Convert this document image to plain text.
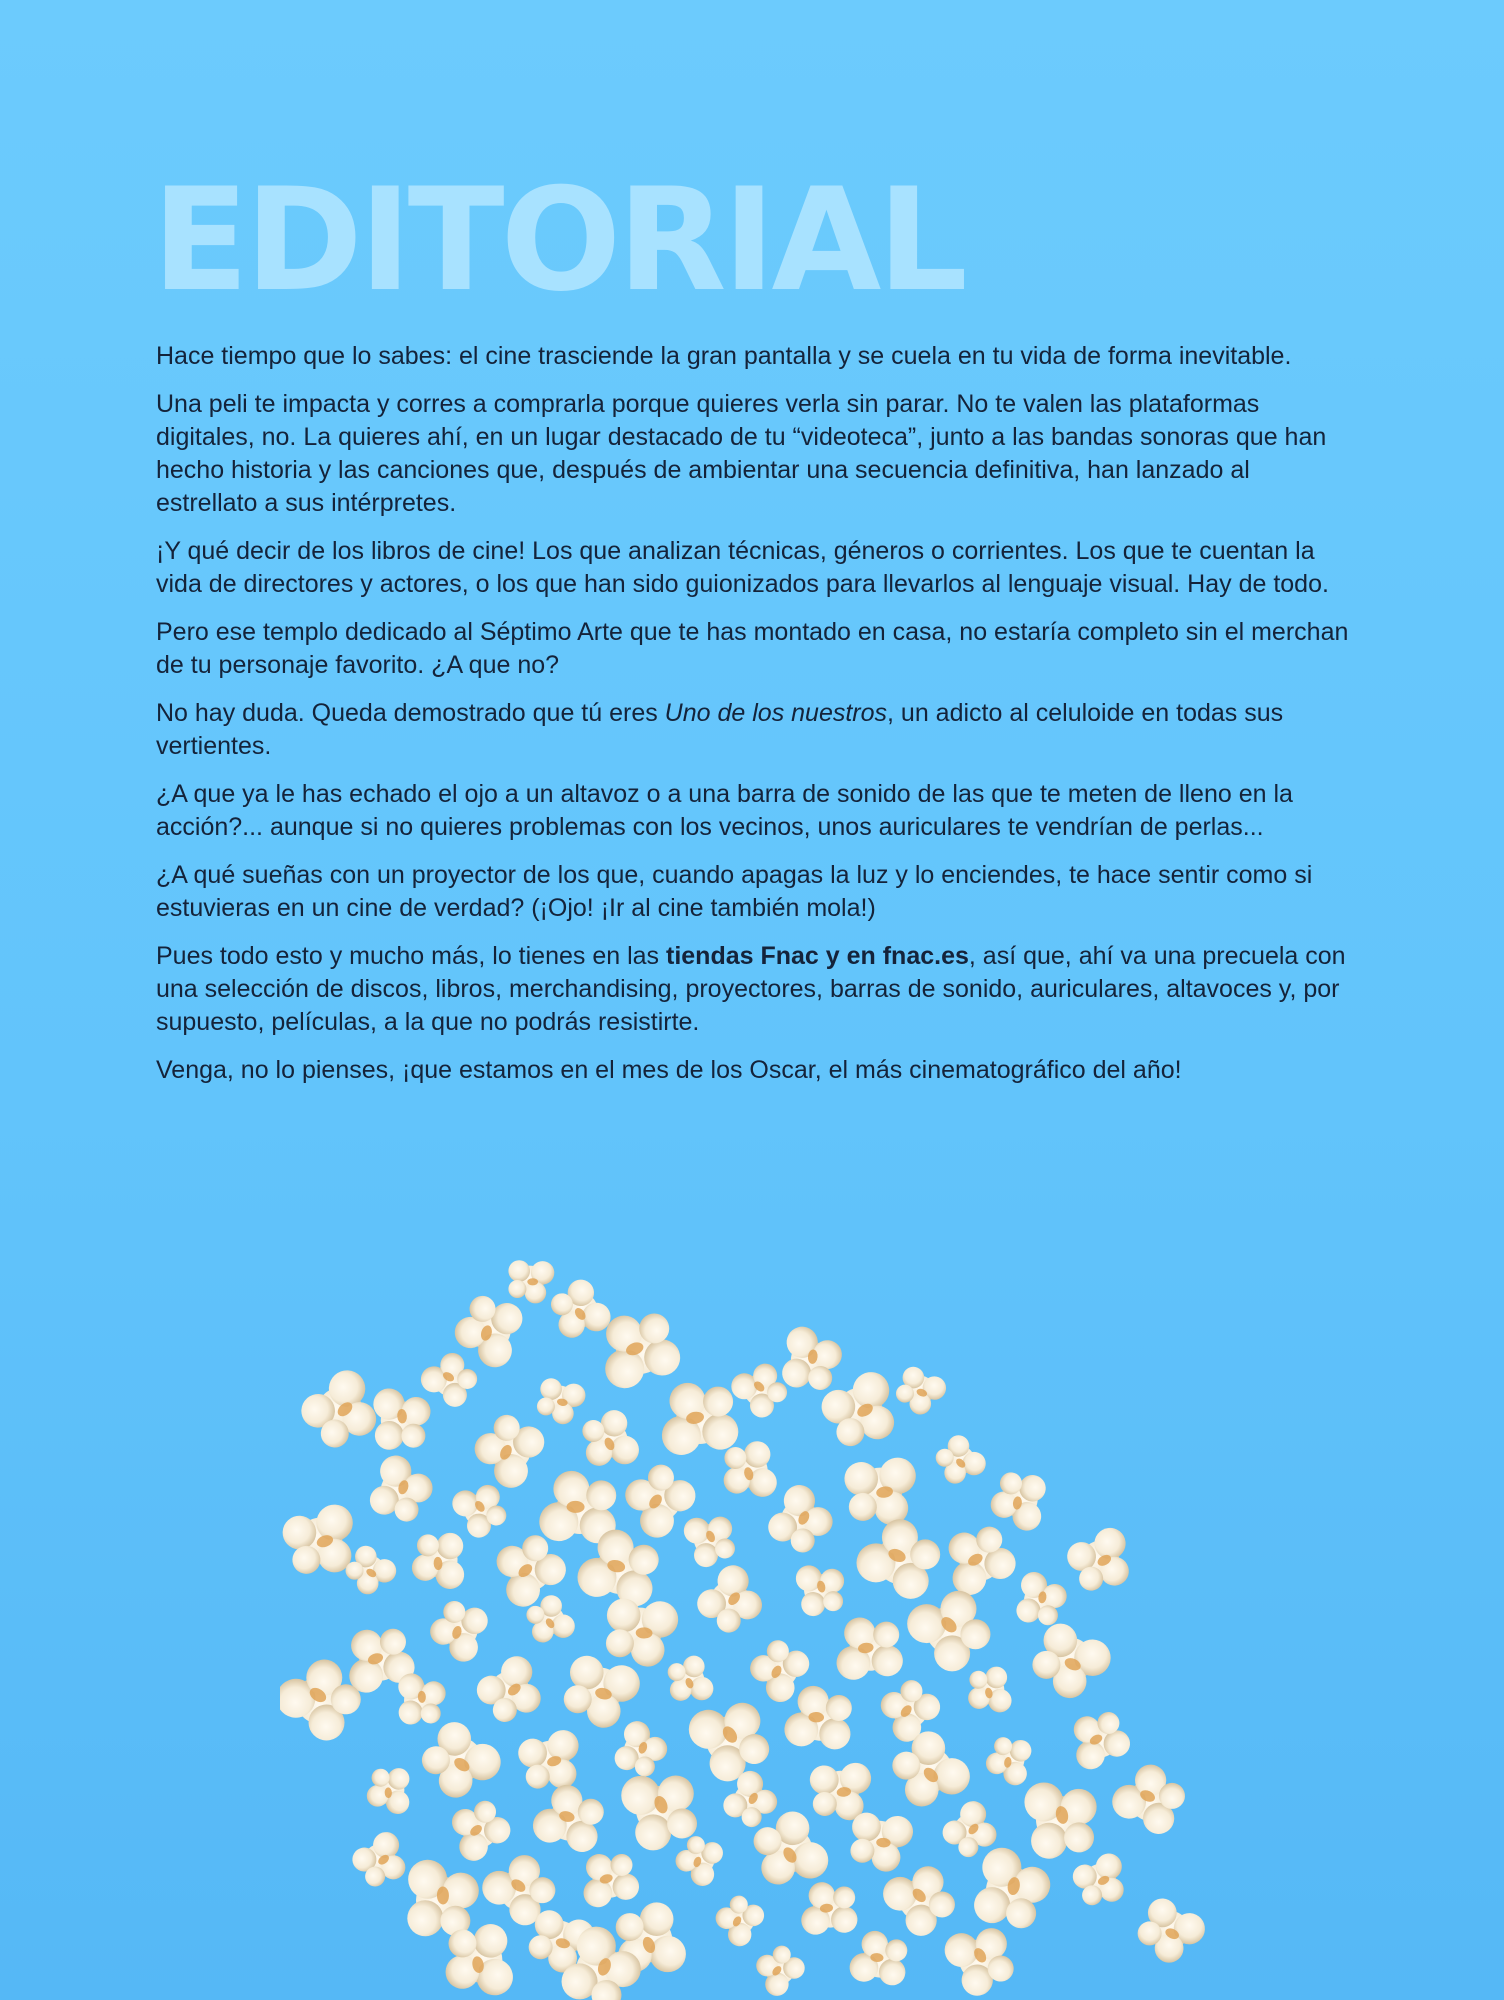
EDITORIAL

Hace tiempo que lo sabes: el cine trasciende la gran pantalla y se cuela en tu vida de forma inevitable.

Una peli te impacta y corres a comprarla porque quieres verla sin parar. No te valen las plataformas digitales, no. La quieres ahí, en un lugar destacado de tu “videoteca”, junto a las bandas sonoras que han hecho historia y las canciones que, después de ambientar una secuencia definitiva, han lanzado al estrellato a sus intérpretes.

¡Y qué decir de los libros de cine! Los que analizan técnicas, géneros o corrientes. Los que te cuentan la vida de directores y actores, o los que han sido guionizados para llevarlos al lenguaje visual. Hay de todo.

Pero ese templo dedicado al Séptimo Arte que te has montado en casa, no estaría completo sin el merchan de tu personaje favorito. ¿A que no?

No hay duda. Queda demostrado que tú eres Uno de los nuestros, un adicto al celuloide en todas sus vertientes.

¿A que ya le has echado el ojo a un altavoz o a una barra de sonido de las que te meten de lleno en la acción?... aunque si no quieres problemas con los vecinos, unos auriculares te vendrían de perlas...

¿A qué sueñas con un proyector de los que, cuando apagas la luz y lo enciendes, te hace sentir como si estuvieras en un cine de verdad? (¡Ojo! ¡Ir al cine también mola!)

Pues todo esto y mucho más, lo tienes en las tiendas Fnac y en fnac.es, así que, ahí va una precuela con una selección de discos, libros, merchandising, proyectores, barras de sonido, auriculares, altavoces y, por supuesto, películas, a la que no podrás resistirte.

Venga, no lo pienses, ¡que estamos en el mes de los Oscar, el más cinematográfico del año!
